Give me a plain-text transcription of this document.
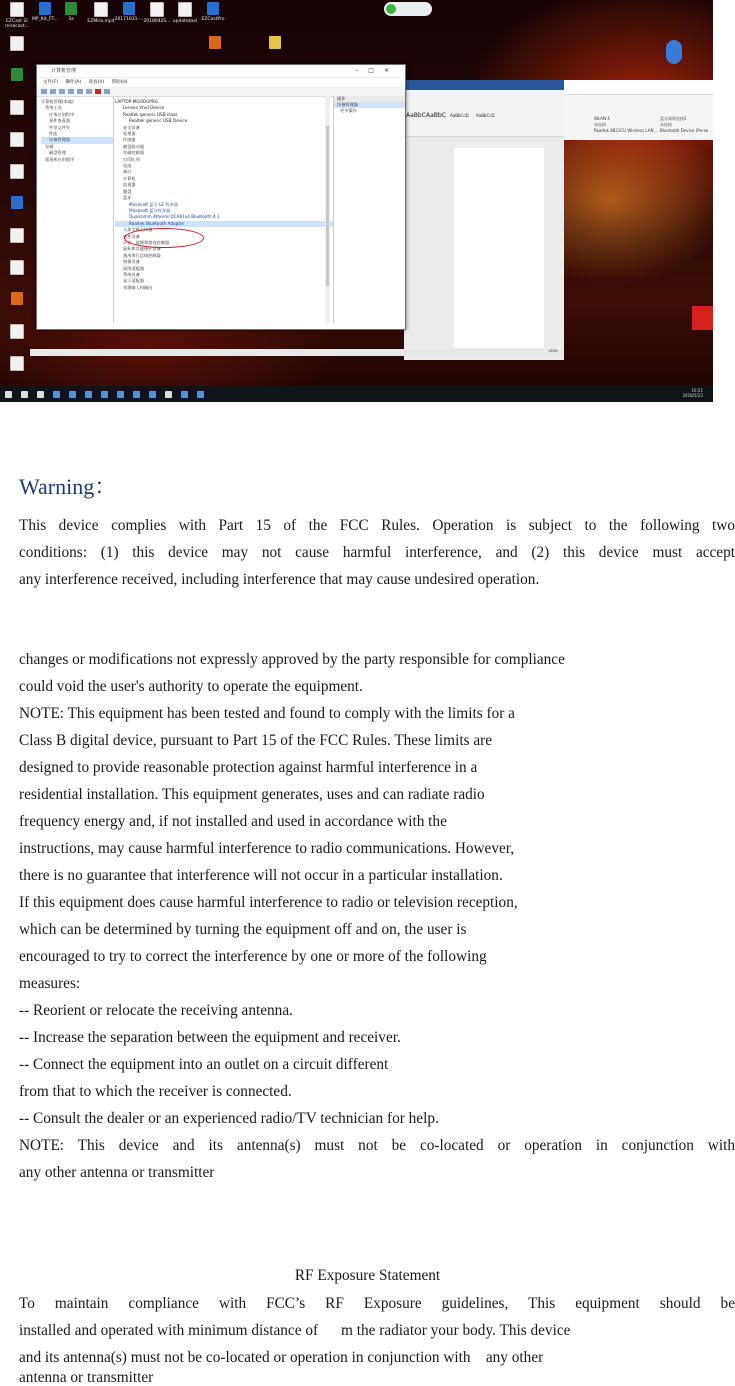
EZCast 2( miracast...
MP_Kit_FT...	3z	EZMira.mp4 20171031-... 2018042S... updatetool EZCastPro
AaBbC AaBbC AaBbCcD AaBbCcD
WLAN 4
未连接
Realtek 8821CU Wireless LAN ...
蓝牙网络连接2
未连接
Bluetooth Device (Perso
计算机管理	–□×
文件(F) 操作(A) 查看(V) 帮助(H)
计算机管理(本地)
系统工具
任务计划程序
事件查看器
共享文件夹
性能
设备管理器
存储
磁盘管理
服务和应用程序
LAPTOP-MGOOGPRG
Lenovo Vhid Device
Realtek generic USB class
Realtek generic USB Device
安全设备
处理器
传感器
磁盘驱动器
存储控制器
打印队列
电池
端口
计算机
监视器
键盘
蓝牙
Microsoft 蓝牙 LE 枚举器
Microsoft 蓝牙枚举器
Qualcomm Atheros QCA61x4 Bluetooth 4.1
Realtek Bluetooth Adapter
人体学输入设备
软件设备
声音、视频和游戏控制器
鼠标和其他指针设备
通用串行总线控制器
图像设备
网络适配器
系统设备
显示适配器
音频输入和输出
操作
设备管理器
更多操作
130%
16:51
2018/5/22
Warning：

This device complies with Part 15 of the FCC Rules. Operation is subject to the following two

conditions: (1) this device may not cause harmful interference, and (2) this device must accept

any interference received, including interference that may cause undesired operation.

changes or modifications not expressly approved by the party responsible for compliance

could void the user's authority to operate the equipment.

NOTE: This equipment has been tested and found to comply with the limits for a

Class B digital device, pursuant to Part 15 of the FCC Rules. These limits are

designed to provide reasonable protection against harmful interference in a

residential installation. This equipment generates, uses and can radiate radio

frequency energy and, if not installed and used in accordance with the

instructions, may cause harmful interference to radio communications. However,

there is no guarantee that interference will not occur in a particular installation.

If this equipment does cause harmful interference to radio or television reception,

which can be determined by turning the equipment off and on, the user is

encouraged to try to correct the interference by one or more of the following

measures:

-- Reorient or relocate the receiving antenna.

-- Increase the separation between the equipment and receiver.

-- Connect the equipment into an outlet on a circuit different

from that to which the receiver is connected.

-- Consult the dealer or an experienced radio/TV technician for help.

NOTE: This device and its antenna(s) must not be co-located or operation in conjunction with

any other antenna or transmitter

RF Exposure Statement

To maintain compliance with FCC’s RF Exposure guidelines, This equipment should be

installed and operated with minimum distance of      m the radiator your body. This device

and its antenna(s) must not be co-located or operation in conjunction with    any other

antenna or transmitter
